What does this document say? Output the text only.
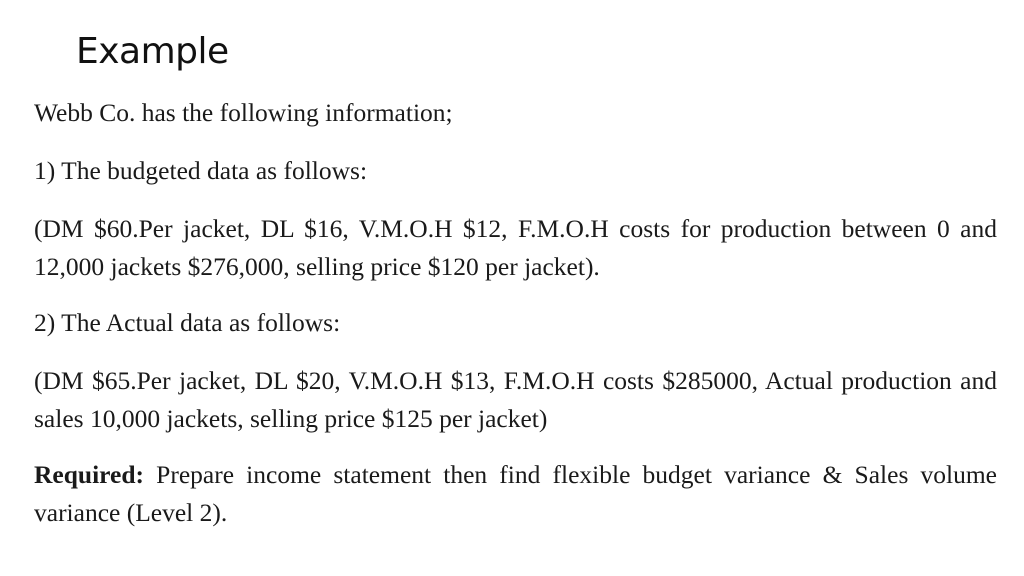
Example

Webb Co. has the following information;

1) The budgeted data as follows:

(DM $60.Per jacket, DL $16, V.M.O.H $12, F.M.O.H costs for production between 0 and 12,000 jackets $276,000, selling price $120 per jacket).

2) The Actual data as follows:

(DM $65.Per jacket, DL $20, V.M.O.H $13, F.M.O.H costs $285000, Actual production and sales 10,000 jackets, selling price $125 per jacket)

Required: Prepare income statement then find flexible budget variance & Sales volume variance (Level 2).
